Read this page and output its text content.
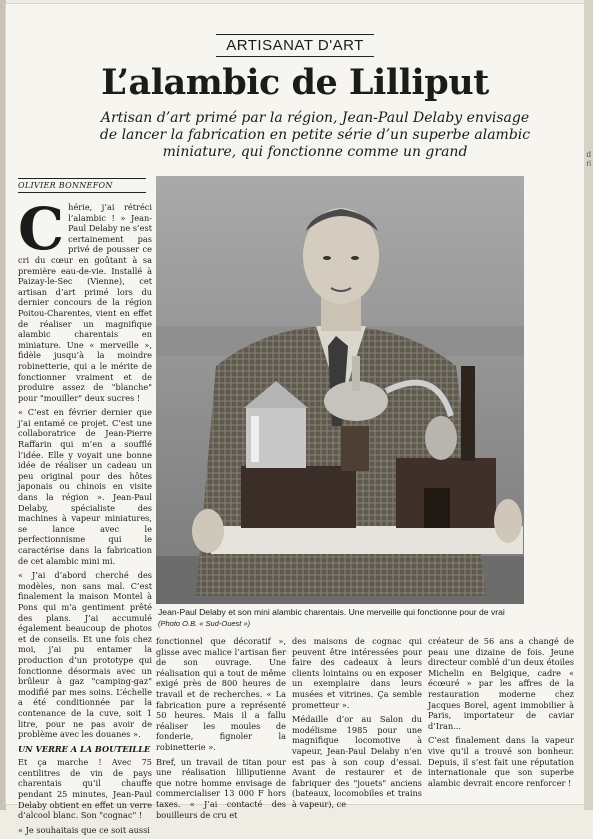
ARTISANAT D'ART
L’alambic de Lilliput
Artisan d’art primé par la région, Jean-Paul Delaby envisage de lancer la fabrication en petite série d’un superbe alambic miniature, qui fonctionne comme un grand
OLIVIER BONNEFON
C hérie, j’ai rétréci l’alambic ! » Jean-Paul Delaby ne s’est certainement pas privé de pousser ce cri du cœur en goûtant à sa première eau-de-vie. Installé à Paizay-le-Sec (Vienne), cet artisan d’art primé lors du dernier concours de la région Poitou-Charentes, vient en effet de réaliser un magnifique alambic charentais en miniature. Une « merveille », fidèle jusqu’à la moindre robinetterie, qui a le mérite de fonctionner vraiment et de produire assez de "blanche" pour "mouiller" deux sucres !

« C’est en février dernier que j’ai entamé ce projet. C’est une collaboratrice de Jean-Pierre Raffarin qui m’en a soufflé l’idée. Elle y voyait une bonne idée de réaliser un cadeau un peu original pour des hôtes japonais ou chinois en visite dans la région ». Jean-Paul Delaby, spécialiste des machines à vapeur miniatures, se lance avec le perfectionnisme qui le caractérise dans la fabrication de cet alambic mini mi.

« J’ai d’abord cherché des modèles, non sans mal. C’est finalement la maison Montel à Pons qui m’a gentiment prêté des plans. J’ai accumulé également beaucoup de photos et de conseils. Et une fois chez moi, j’ai pu entamer la production d’un prototype qui fonctionne désormais avec un brûleur à gaz "camping-gaz" modifié par mes soins. L’échelle a été conditionnée par la contenance de la cuve, soit 1 litre, pour ne pas avoir de problème avec les douanes ».

UN VERRE A LA BOUTEILLE

Et ça marche ! Avec 75 centilitres de vin de pays charentais qu’il chauffe pendant 25 minutes, Jean-Paul Delaby obtient en effet un verre d’alcool blanc. Son "cognac" !

« Je souhaitais que ce soit aussi

Jean-Paul Delaby et son mini alambic charentais. Une merveille qui fonctionne pour de vrai
(Photo O.B. « Sud-Ouest »)

fonctionnel que décoratif », glisse avec malice l’artisan fier de son ouvrage. Une réalisation qui a tout de même exigé près de 800 heures de travail et de recherches. « La fabrication pure a représenté 50 heures. Mais il a fallu réaliser les moules de fonderie, fignoler la robinetterie ».

Bref, un travail de titan pour une réalisation lilliputienne que notre homme envisage de commercialiser 13 000 F hors taxes. « J’ai contacté des bouilleurs de cru et

des maisons de cognac qui peuvent être intéressées pour faire des cadeaux à leurs clients lointains ou en exposer un exemplaire dans leurs musées et vitrines. Ça semble prometteur ».

Médaille d’or au Salon du modélisme 1985 pour une magnifique locomotive à vapeur, Jean-Paul Delaby n’en est pas à son coup d’essai. Avant de restaurer et de fabriquer des "jouets" anciens (bateaux, locomobiles et trains à vapeur), ce

créateur de 56 ans a changé de peau une dizaine de fois. Jeune directeur comblé d’un deux étoiles Michelin en Belgique, cadre « écœuré » par les affres de la restauration moderne chez Jacques Borel, agent immobilier à Paris, importateur de caviar d’Iran...

C’est finalement dans la vapeur vive qu’il a trouvé son bonheur. Depuis, il s’est fait une réputation internationale que son superbe alambic devrait encore renforcer !

d
ri
